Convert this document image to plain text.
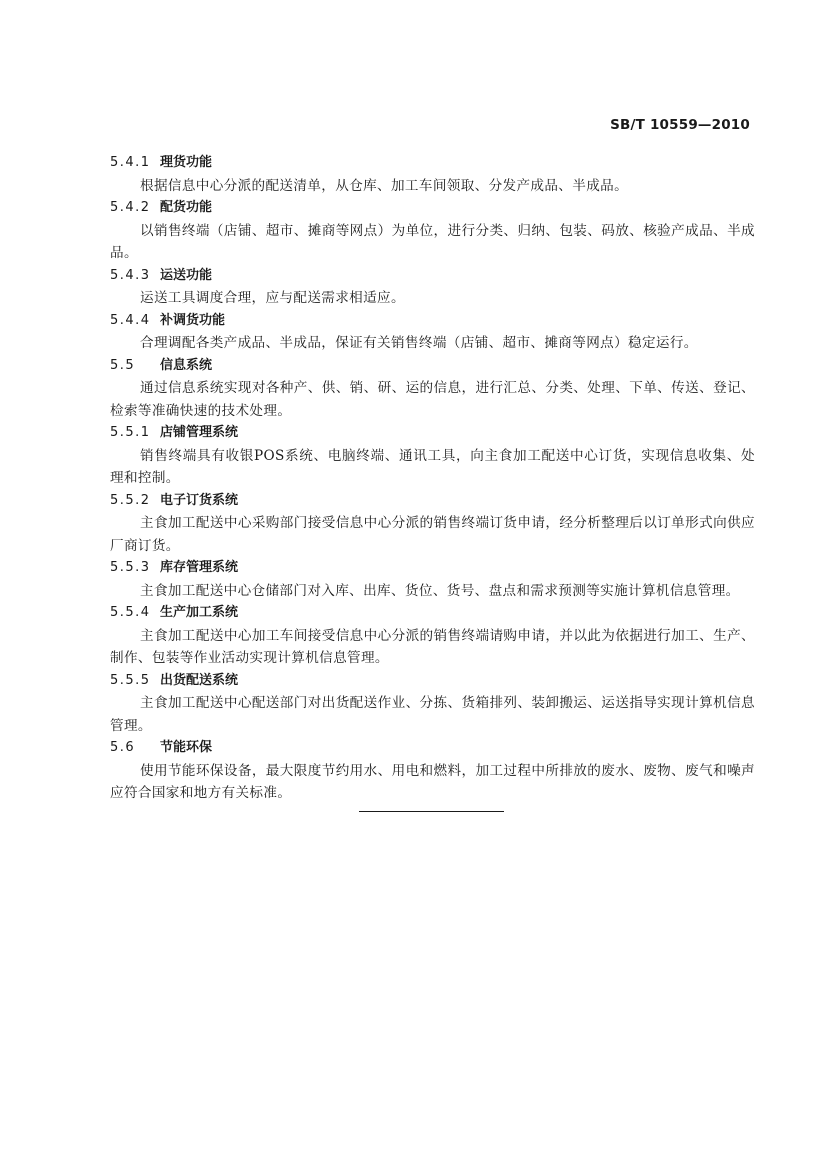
SB/T 10559—2010
5.4.1 理货功能
根据信息中心分派的配送清单，从仓库、加工车间领取、分发产成品、半成品。
5.4.2 配货功能
以销售终端（店铺、超市、摊商等网点）为单位，进行分类、归纳、包装、码放、核验产成品、半成品。
5.4.3 运送功能
运送工具调度合理，应与配送需求相适应。
5.4.4 补调货功能
合理调配各类产成品、半成品，保证有关销售终端（店铺、超市、摊商等网点）稳定运行。
5.5 信息系统
通过信息系统实现对各种产、供、销、研、运的信息，进行汇总、分类、处理、下单、传送、登记、检索等准确快速的技术处理。
5.5.1 店铺管理系统
销售终端具有收银POS系统、电脑终端、通讯工具，向主食加工配送中心订货，实现信息收集、处理和控制。
5.5.2 电子订货系统
主食加工配送中心采购部门接受信息中心分派的销售终端订货申请，经分析整理后以订单形式向供应厂商订货。
5.5.3 库存管理系统
主食加工配送中心仓储部门对入库、出库、货位、货号、盘点和需求预测等实施计算机信息管理。
5.5.4 生产加工系统
主食加工配送中心加工车间接受信息中心分派的销售终端请购申请，并以此为依据进行加工、生产、制作、包装等作业活动实现计算机信息管理。
5.5.5 出货配送系统
主食加工配送中心配送部门对出货配送作业、分拣、货箱排列、装卸搬运、运送指导实现计算机信息管理。
5.6 节能环保
使用节能环保设备，最大限度节约用水、用电和燃料，加工过程中所排放的废水、废物、废气和噪声应符合国家和地方有关标准。
